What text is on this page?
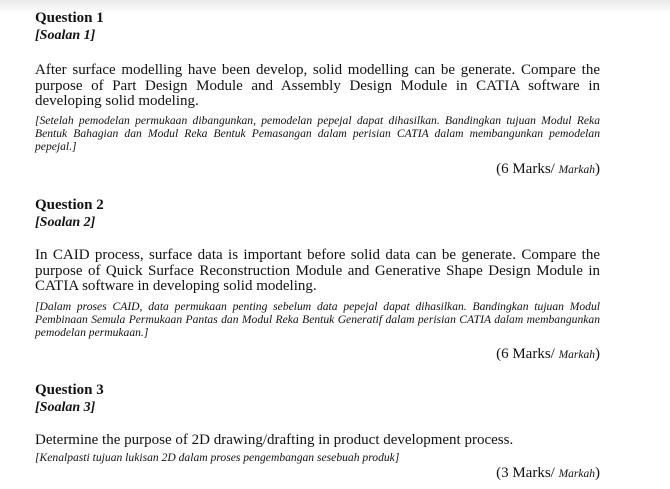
Question 1
[Soalan 1]
After surface modelling have been develop, solid modelling can be generate. Compare the purpose of Part Design Module and Assembly Design Module in CATIA software in developing solid modeling.
[Setelah pemodelan permukaan dibangunkan, pemodelan pepejal dapat dihasilkan. Bandingkan tujuan Modul Reka Bentuk Bahagian dan Modul Reka Bentuk Pemasangan dalam perisian CATIA dalam membangunkan pemodelan pepejal.]
(6 Marks/ Markah)
Question 2
[Soalan 2]
In CAID process, surface data is important before solid data can be generate. Compare the purpose of Quick Surface Reconstruction Module and Generative Shape Design Module in CATIA software in developing solid modeling.
[Dalam proses CAID, data permukaan penting sebelum data pepejal dapat dihasilkan. Bandingkan tujuan Modul Pembinaan Semula Permukaan Pantas dan Modul Reka Bentuk Generatif dalam perisian CATIA dalam membangunkan pemodelan permukaan.]
(6 Marks/ Markah)
Question 3
[Soalan 3]
Determine the purpose of 2D drawing/drafting in product development process.
[Kenalpasti tujuan lukisan 2D dalam proses pengembangan sesebuah produk]
(3 Marks/ Markah)
